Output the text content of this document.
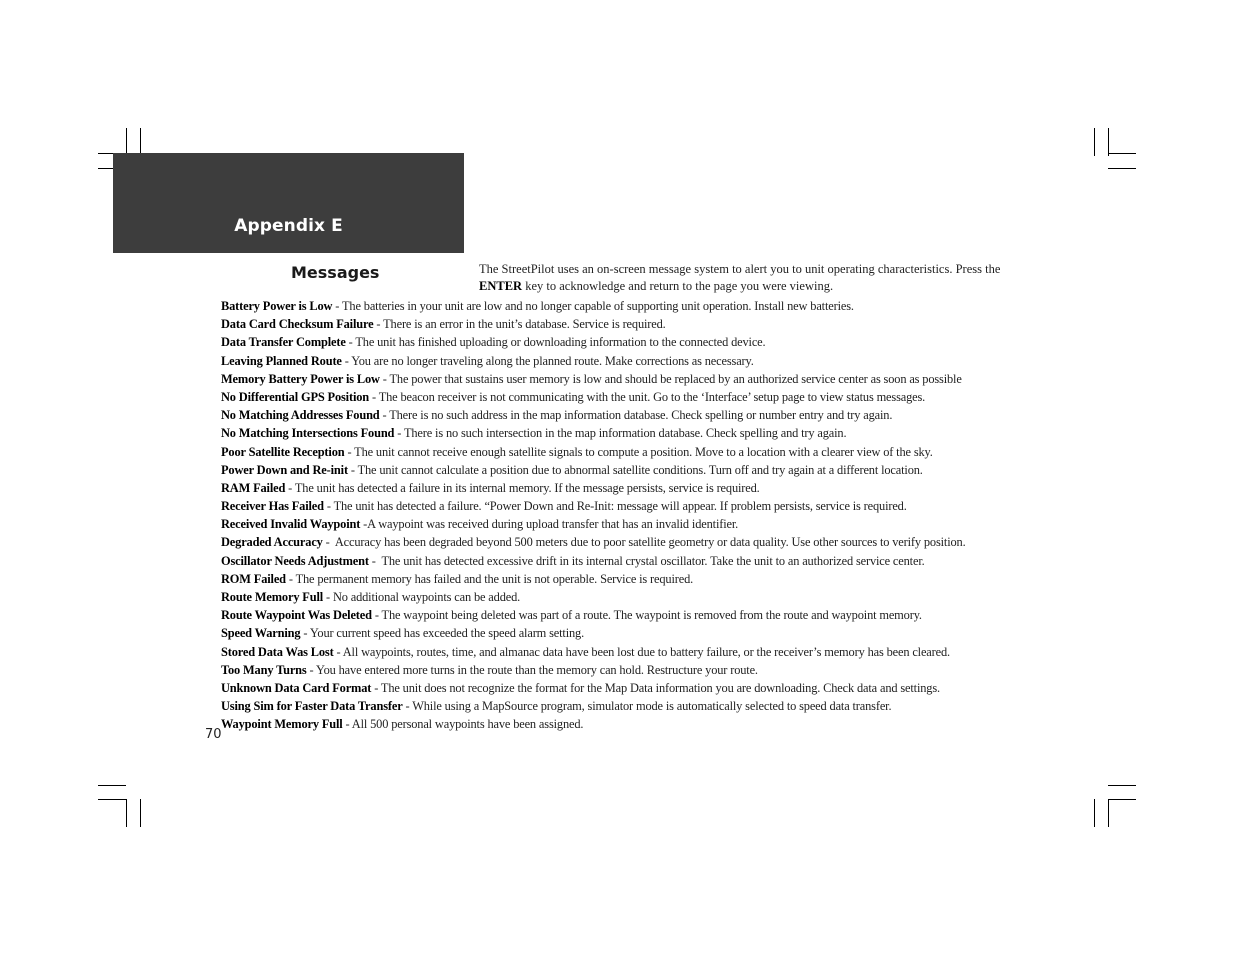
Appendix E
Messages	The StreetPilot uses an on-screen message system to alert you to unit operating characteristics. Press the ENTER key to acknowledge and return to the page you were viewing.
Battery Power is Low - The batteries in your unit are low and no longer capable of supporting unit operation. Install new batteries.
Data Card Checksum Failure - There is an error in the unit’s database. Service is required.
Data Transfer Complete - The unit has finished uploading or downloading information to the connected device.
Leaving Planned Route - You are no longer traveling along the planned route. Make corrections as necessary.
Memory Battery Power is Low - The power that sustains user memory is low and should be replaced by an authorized service center as soon as possible
No Differential GPS Position - The beacon receiver is not communicating with the unit. Go to the ‘Interface’ setup page to view status messages.
No Matching Addresses Found - There is no such address in the map information database. Check spelling or number entry and try again.
No Matching Intersections Found - There is no such intersection in the map information database. Check spelling and try again.
Poor Satellite Reception - The unit cannot receive enough satellite signals to compute a position. Move to a location with a clearer view of the sky.
Power Down and Re-init - The unit cannot calculate a position due to abnormal satellite conditions. Turn off and try again at a different location.
RAM Failed - The unit has detected a failure in its internal memory. If the message persists, service is required.
Receiver Has Failed - The unit has detected a failure. “Power Down and Re-Init: message will appear. If problem persists, service is required.
Received Invalid Waypoint -A waypoint was received during upload transfer that has an invalid identifier.
Degraded Accuracy -  Accuracy has been degraded beyond 500 meters due to poor satellite geometry or data quality. Use other sources to verify position.
Oscillator Needs Adjustment -  The unit has detected excessive drift in its internal crystal oscillator. Take the unit to an authorized service center.
ROM Failed - The permanent memory has failed and the unit is not operable. Service is required.
Route Memory Full - No additional waypoints can be added.
Route Waypoint Was Deleted - The waypoint being deleted was part of a route. The waypoint is removed from the route and waypoint memory.
Speed Warning - Your current speed has exceeded the speed alarm setting.
Stored Data Was Lost - All waypoints, routes, time, and almanac data have been lost due to battery failure, or the receiver’s memory has been cleared.
Too Many Turns - You have entered more turns in the route than the memory can hold. Restructure your route.
Unknown Data Card Format - The unit does not recognize the format for the Map Data information you are downloading. Check data and settings.
Using Sim for Faster Data Transfer - While using a MapSource program, simulator mode is automatically selected to speed data transfer.
Waypoint Memory Full - All 500 personal waypoints have been assigned.
70
